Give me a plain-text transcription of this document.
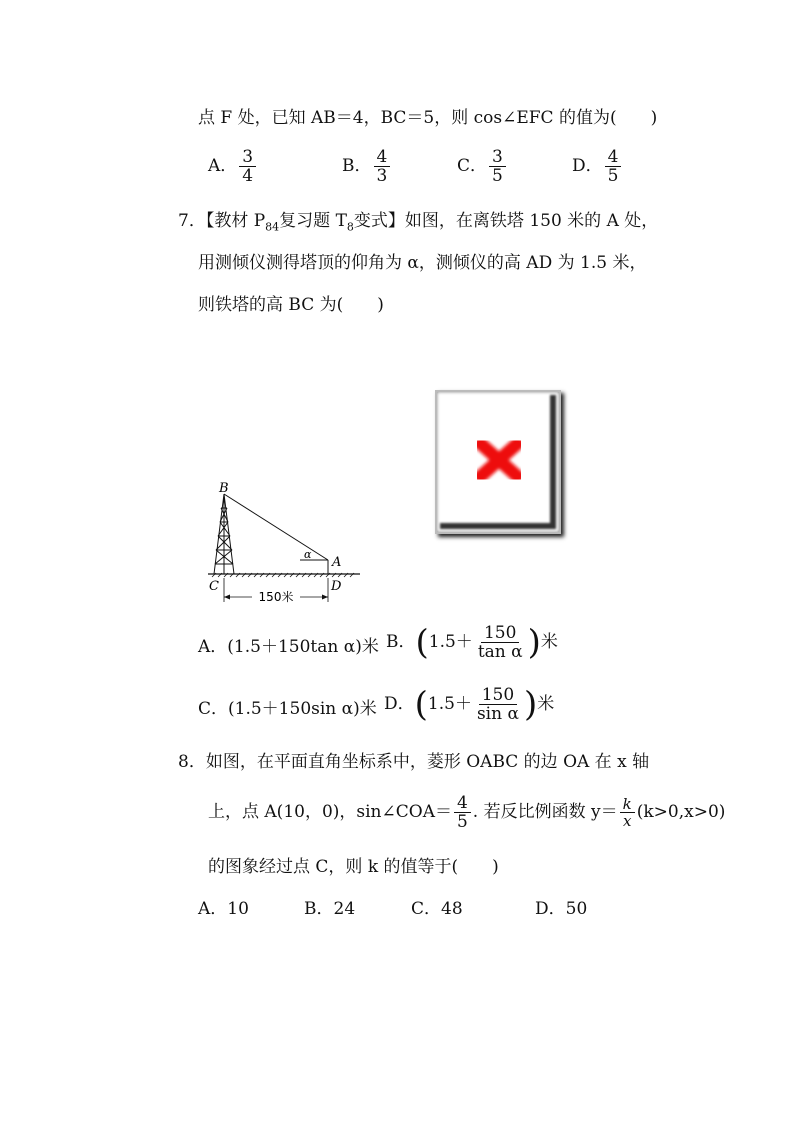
点 F 处，已知 AB＝4，BC＝5，则 cos∠EFC 的值为(　　)
A． $\frac{3}{4}$	B． $\frac{4}{3}$	C． $\frac{3}{5}$	D． $\frac{4}{5}$
7．【教材 $P_{84}$复习题 $T_8$变式】如图，在离铁塔 150 米的 A 处，
用测倾仪测得塔顶的仰角为 α，测倾仪的高 AD 为 1.5 米，
则铁塔的高 BC 为(　　)
150米
B
A
C	D
α
A．(1.5＋150tan α)米 B．($1.5+ \frac{150}{\text{tan α}}$ )米
C．(1.5＋150sin α)米 D．($1.5+ \frac{150}{\text{sin α}}$ )米
8．如图，在平面直角坐标系中，菱形 OABC 的边 OA 在 x 轴
上，点 A(10，0)，sin∠COA＝ $\frac{4}{5}$ . 若反比例函数 $y= \frac{k}{x} (k>0,x>0)$
的图象经过点 C，则 k 的值等于(　　)
A．10	B．24	C．48	D．50
